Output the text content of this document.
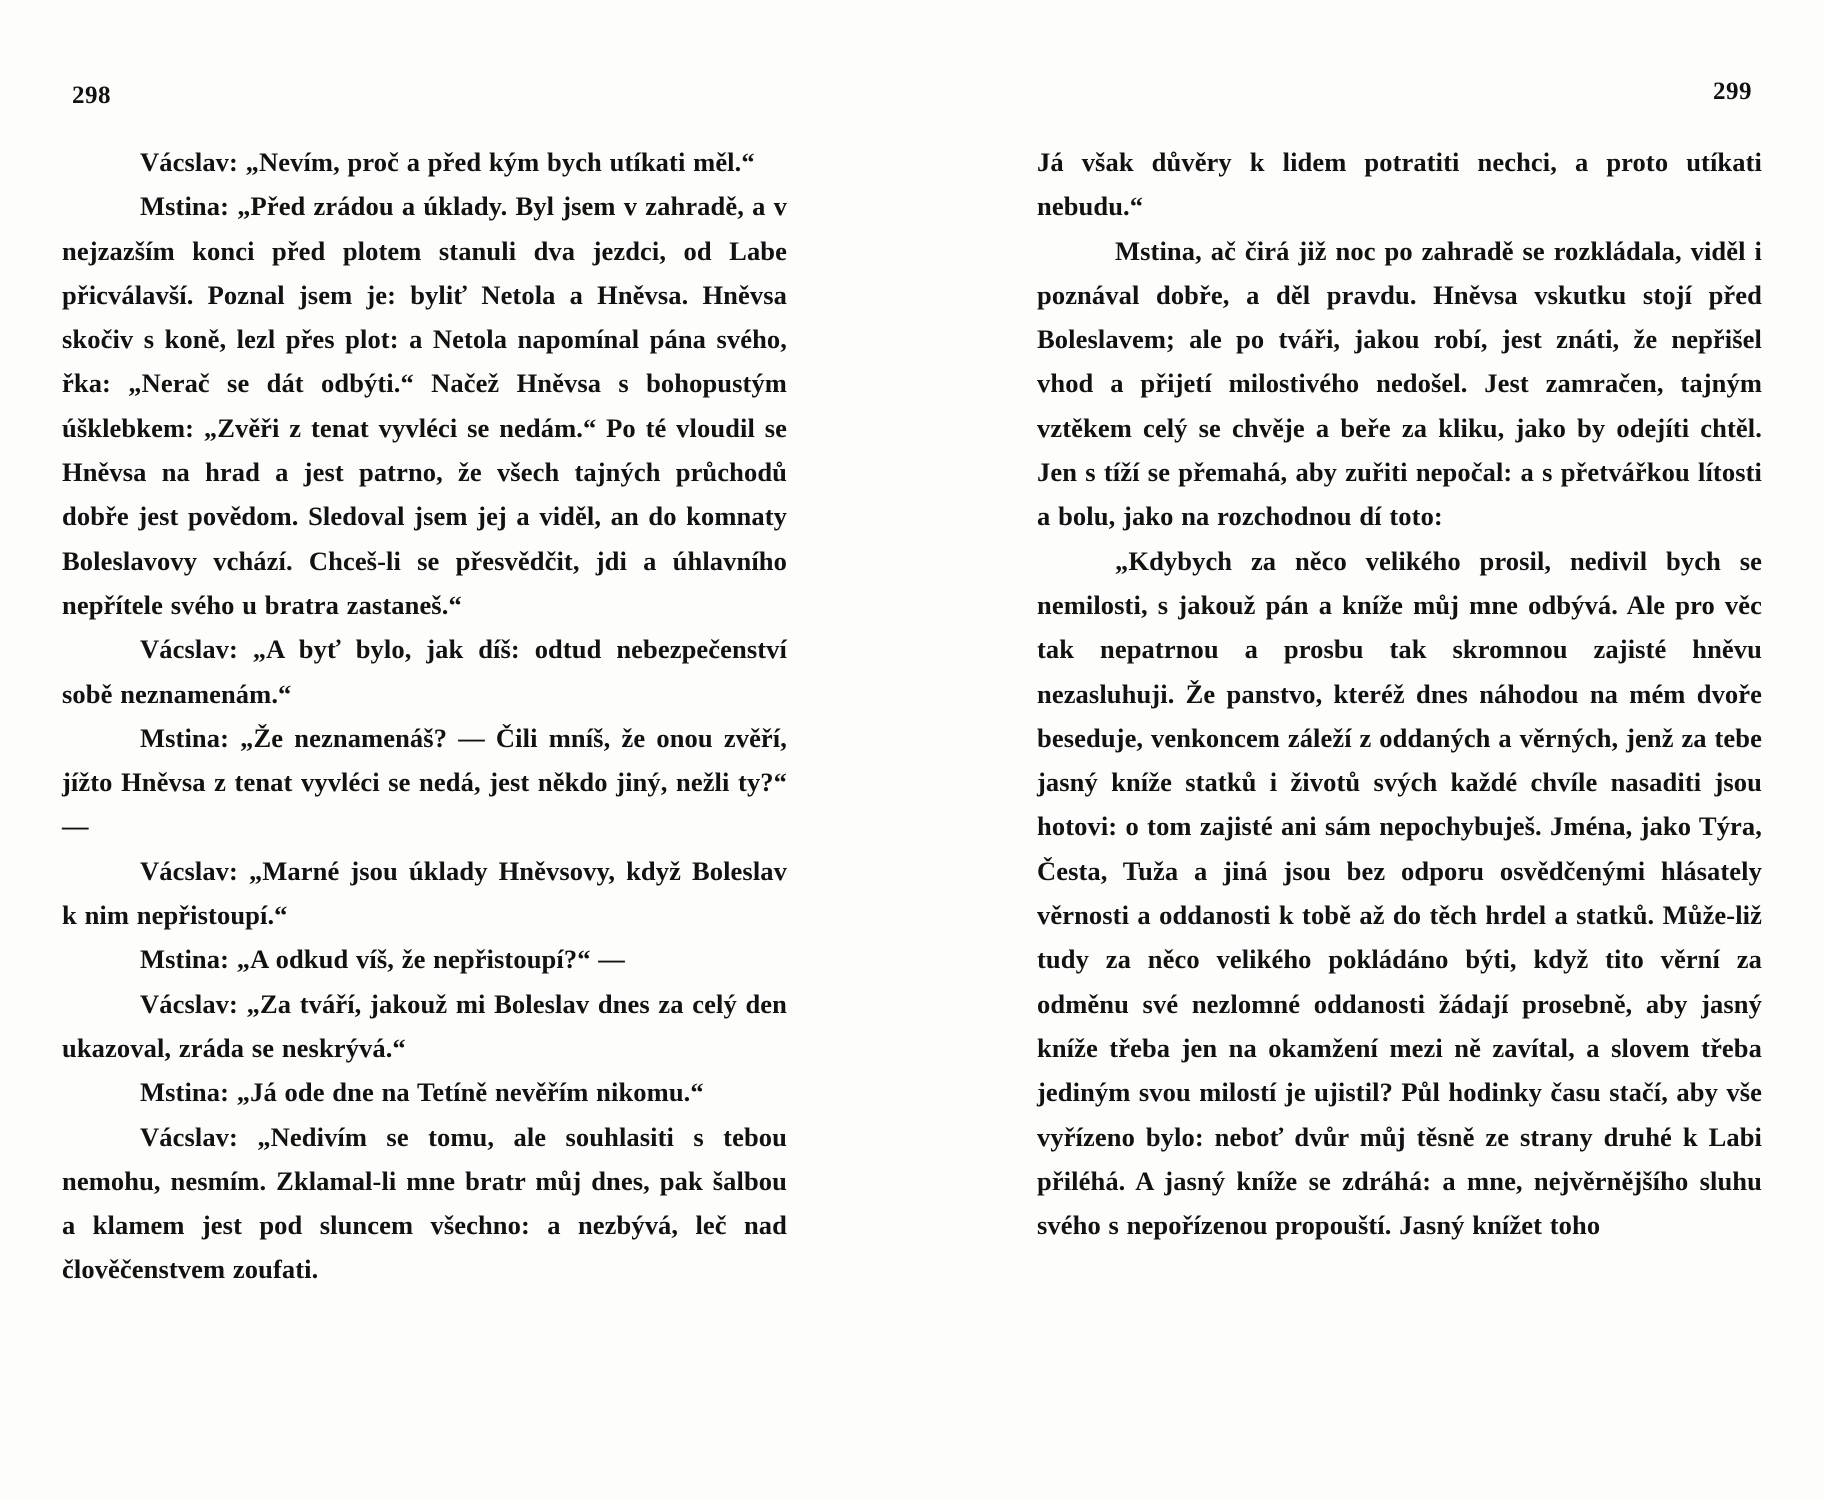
298	299

Vácslav: „Nevím, proč a před kým bych utíkati měl.“

Mstina: „Před zrádou a úklady. Byl jsem v zahradě, a v nejzazším konci před plotem stanuli dva jezdci, od Labe přicválavší. Poznal jsem je: byliť Netola a Hněvsa. Hněvsa skočiv s koně, lezl přes plot: a Netola napomínal pána svého, řka: „Nerač se dát odbýti.“ Načež Hněvsa s bohopustým úšklebkem: „Zvěři z tenat vyvléci se nedám.“ Po té vloudil se Hněvsa na hrad a jest patrno, že všech tajných průchodů dobře jest povědom. Sledoval jsem jej a viděl, an do komnaty Boleslavovy vchází. Chceš-li se přesvědčit, jdi a úhlavního nepřítele svého u bratra zastaneš.“

Vácslav: „A byť bylo, jak díš: odtud nebezpečenství sobě neznamenám.“

Mstina: „Že neznamenáš? — Čili mníš, že onou zvěří, jížto Hněvsa z tenat vyvléci se nedá, jest někdo jiný, nežli ty?“ —

Vácslav: „Marné jsou úklady Hněvsovy, když Boleslav k nim nepřistoupí.“

Mstina: „A odkud víš, že nepřistoupí?“ —

Vácslav: „Za tváří, jakouž mi Boleslav dnes za celý den ukazoval, zráda se neskrývá.“

Mstina: „Já ode dne na Tetíně nevěřím nikomu.“

Vácslav: „Nedivím se tomu, ale souhlasiti s tebou nemohu, nesmím. Zklamal-li mne bratr můj dnes, pak šalbou a klamem jest pod sluncem všechno: a nezbývá, leč nad člověčenstvem zoufati.

Já však důvěry k lidem potratiti nechci, a proto utíkati nebudu.“

Mstina, ač čirá již noc po zahradě se rozkládala, viděl i poznával dobře, a děl pravdu. Hněvsa vskutku stojí před Boleslavem; ale po tváři, jakou robí, jest znáti, že nepřišel vhod a přijetí milostivého nedošel. Jest zamračen, tajným vztěkem celý se chvěje a beře za kliku, jako by odejíti chtěl. Jen s tíží se přemahá, aby zuřiti nepočal: a s přetvářkou lítosti a bolu, jako na rozchodnou dí toto:

„Kdybych za něco velikého prosil, nedivil bych se nemilosti, s jakouž pán a kníže můj mne odbývá. Ale pro věc tak nepatrnou a prosbu tak skromnou zajisté hněvu nezasluhuji. Že panstvo, kteréž dnes náhodou na mém dvoře beseduje, venkoncem záleží z oddaných a věrných, jenž za tebe jasný kníže statků i životů svých každé chvíle nasaditi jsou hotovi: o tom zajisté ani sám nepochybuješ. Jména, jako Týra, Česta, Tuža a jiná jsou bez odporu osvědčenými hlásately věrnosti a oddanosti k tobě až do těch hrdel a statků. Může-liž tudy za něco velikého pokládáno býti, když tito věrní za odměnu své nezlomné oddanosti žádají prosebně, aby jasný kníže třeba jen na okamžení mezi ně zavítal, a slovem třeba jediným svou milostí je ujistil? Půl hodinky času stačí, aby vše vyřízeno bylo: neboť dvůr můj těsně ze strany druhé k Labi přiléhá. A jasný kníže se zdráhá: a mne, nejvěrnějšího sluhu svého s nepořízenou propouští. Jasný knížet toho
